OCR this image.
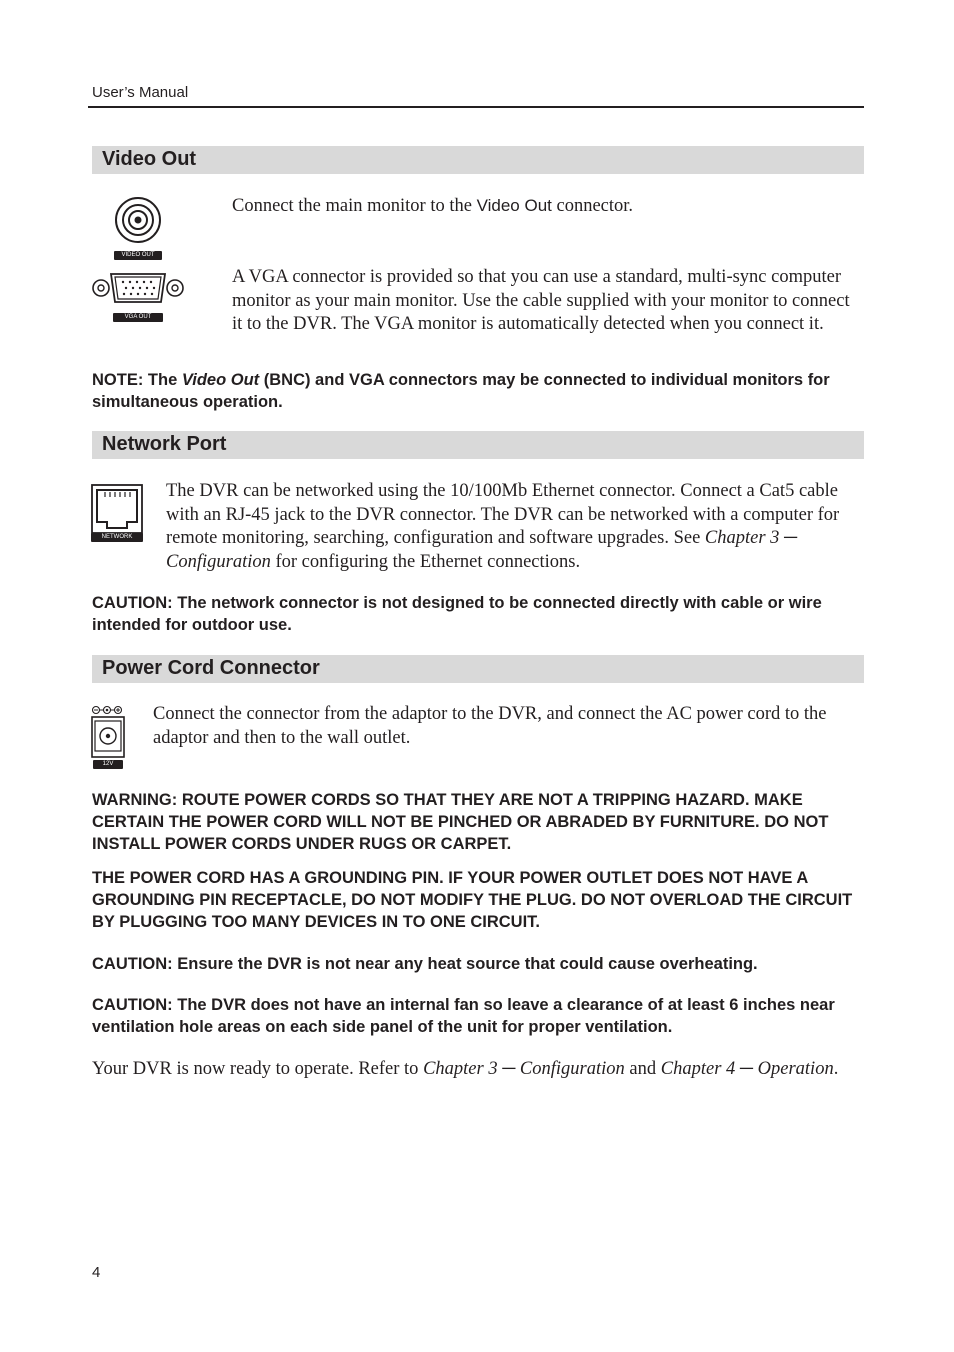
User’s Manual
Video Out
VIDEO OUT
VGA OUT
Connect the main monitor to the Video Out connector.
A VGA connector is provided so that you can use a standard, multi-sync computer monitor as your main monitor. Use the cable supplied with your monitor to connect it to the DVR. The VGA monitor is automatically detected when you connect it.
NOTE: The Video Out (BNC) and VGA connectors may be connected to individual monitors for simultaneous operation.
Network Port
NETWORK
The DVR can be networked using the 10/100Mb Ethernet connector. Connect a Cat5 cable with an RJ-45 jack to the DVR connector. The DVR can be networked with a computer for remote monitoring, searching, configuration and software upgrades. See Chapter 3 ─ Configuration for configuring the Ethernet connections.
CAUTION: The network connector is not designed to be connected directly with cable or wire intended for outdoor use.
Power Cord Connector
12V
Connect the connector from the adaptor to the DVR, and connect the AC power cord to the adaptor and then to the wall outlet.
WARNING: ROUTE POWER CORDS SO THAT THEY ARE NOT A TRIPPING HAZARD. MAKE CERTAIN THE POWER CORD WILL NOT BE PINCHED OR ABRADED BY FURNITURE. DO NOT INSTALL POWER CORDS UNDER RUGS OR CARPET.
THE POWER CORD HAS A GROUNDING PIN. IF YOUR POWER OUTLET DOES NOT HAVE A GROUNDING PIN RECEPTACLE, DO NOT MODIFY THE PLUG. DO NOT OVERLOAD THE CIRCUIT BY PLUGGING TOO MANY DEVICES IN TO ONE CIRCUIT.
CAUTION: Ensure the DVR is not near any heat source that could cause overheating.
CAUTION: The DVR does not have an internal fan so leave a clearance of at least 6 inches near ventilation hole areas on each side panel of the unit for proper ventilation.
Your DVR is now ready to operate. Refer to Chapter 3 ─ Configuration and Chapter 4 ─ Operation.
4
